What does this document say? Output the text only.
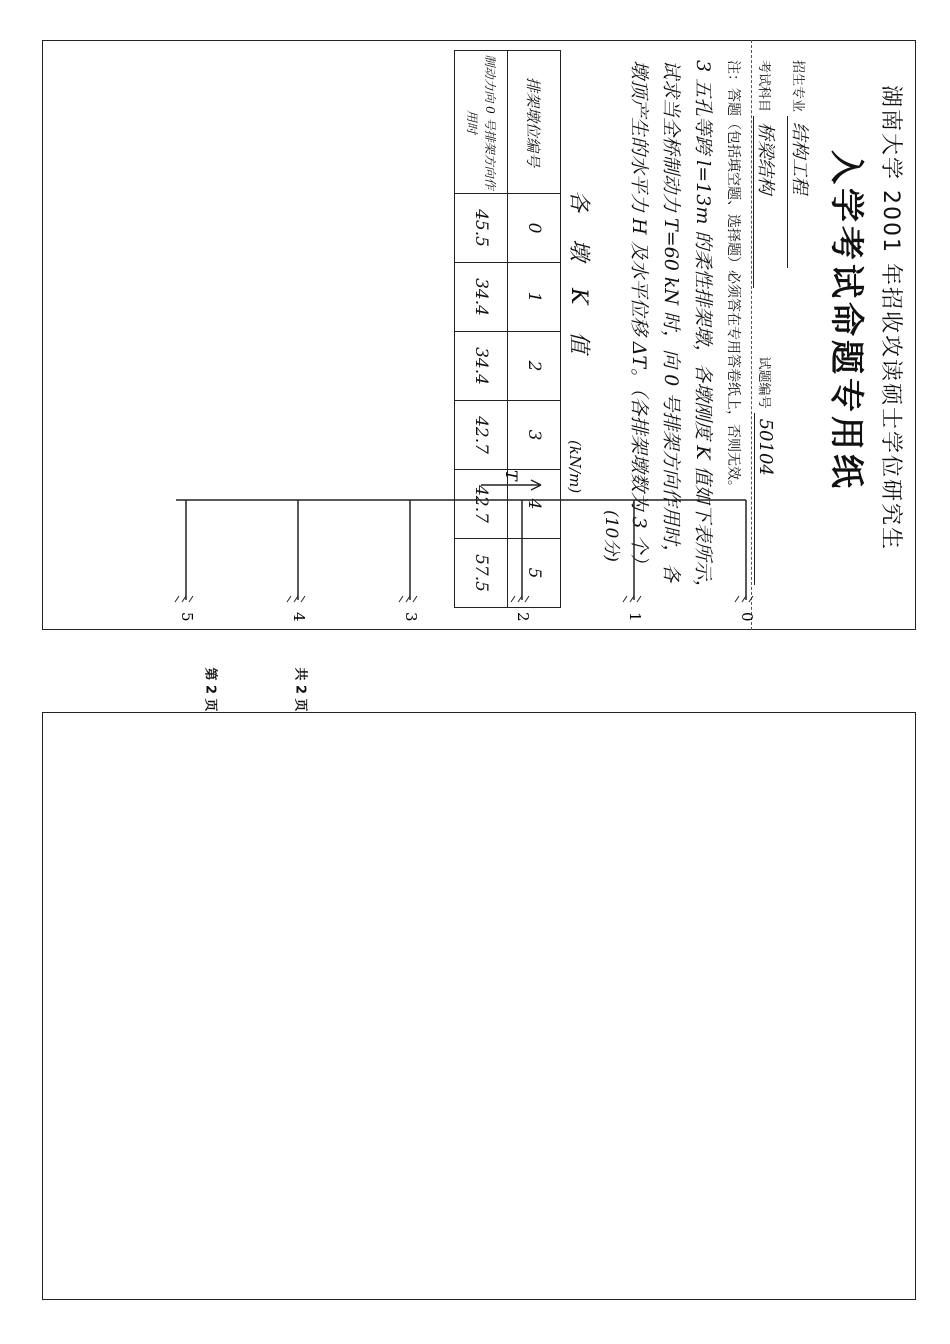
湖南大学 2001 年招收攻读硕士学位研究生
入学考试命题专用纸
招生专业 结构工程
考试科目 桥梁结构  试题编号 50104
注：答题（包括填空题、选择题）必须答在专用答卷纸上，否则无效。
3 五孔等跨 l=13m 的柔性排架墩，各墩刚度 K 值如下表所示，
试求当全桥制动力 T=60 kN 时，向 0 号排架方向作用时，各
墩顶产生的水平力 H 及水平位移 ΔT。（各排架墩数为 3 个）
(10分)
各 墩 K 值
(kN/m)
排架墩位编号	0	1	2	3	4	5
制动力向 0 号排架方向作用时	45.5	34.4	34.4	42.7	42.7	57.5
T
0
1
2
3
4
5
共 2 页
第 2 页
